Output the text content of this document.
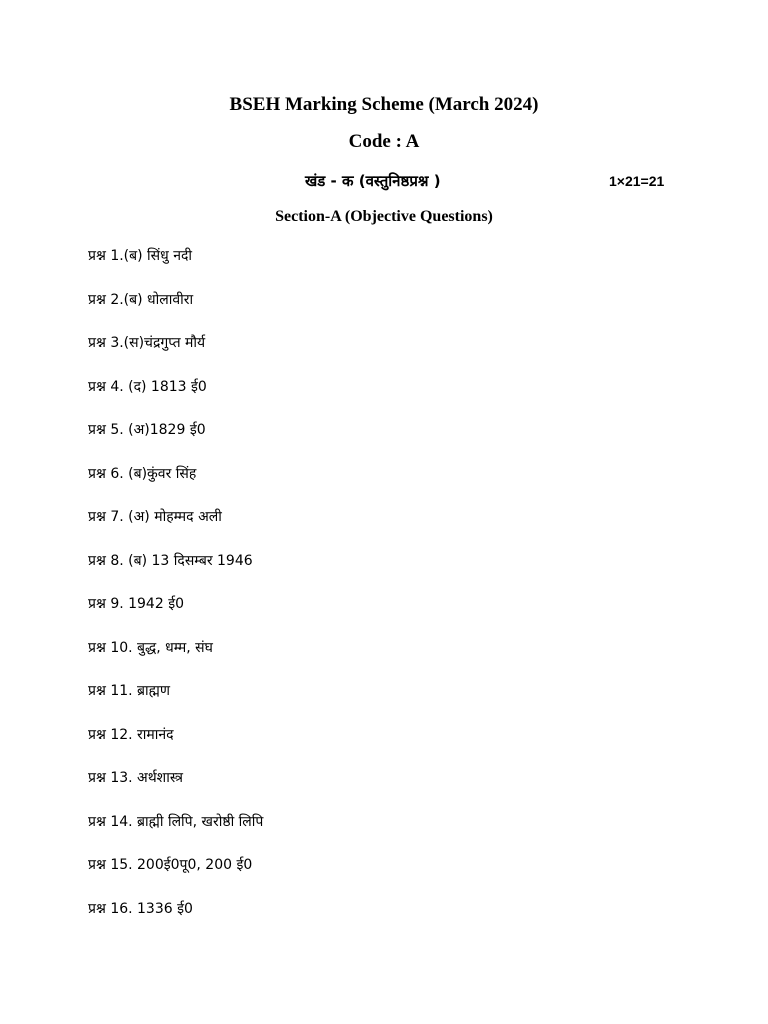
BSEH Marking Scheme (March 2024)
Code : A
खंड - क (वस्तुनिष्ठप्रश्न )	1×21=21
Section-A (Objective Questions)
प्रश्न 1.(ब) सिंधु नदी
प्रश्न 2.(ब) धोलावीरा
प्रश्न 3.(स)चंद्रगुप्त मौर्य
प्रश्न 4. (द) 1813 ई0
प्रश्न 5. (अ)1829 ई0
प्रश्न 6. (ब)कुंवर सिंह
प्रश्न 7. (अ) मोहम्मद अली
प्रश्न 8. (ब) 13 दिसम्बर 1946
प्रश्न 9. 1942 ई0
प्रश्न 10. बुद्ध, धम्म, संघ
प्रश्न 11. ब्राह्मण
प्रश्न 12. रामानंद
प्रश्न 13. अर्थशास्त्र
प्रश्न 14. ब्राह्मी लिपि, खरोष्ठी लिपि
प्रश्न 15. 200ई0पू0, 200 ई0
प्रश्न 16. 1336 ई0
